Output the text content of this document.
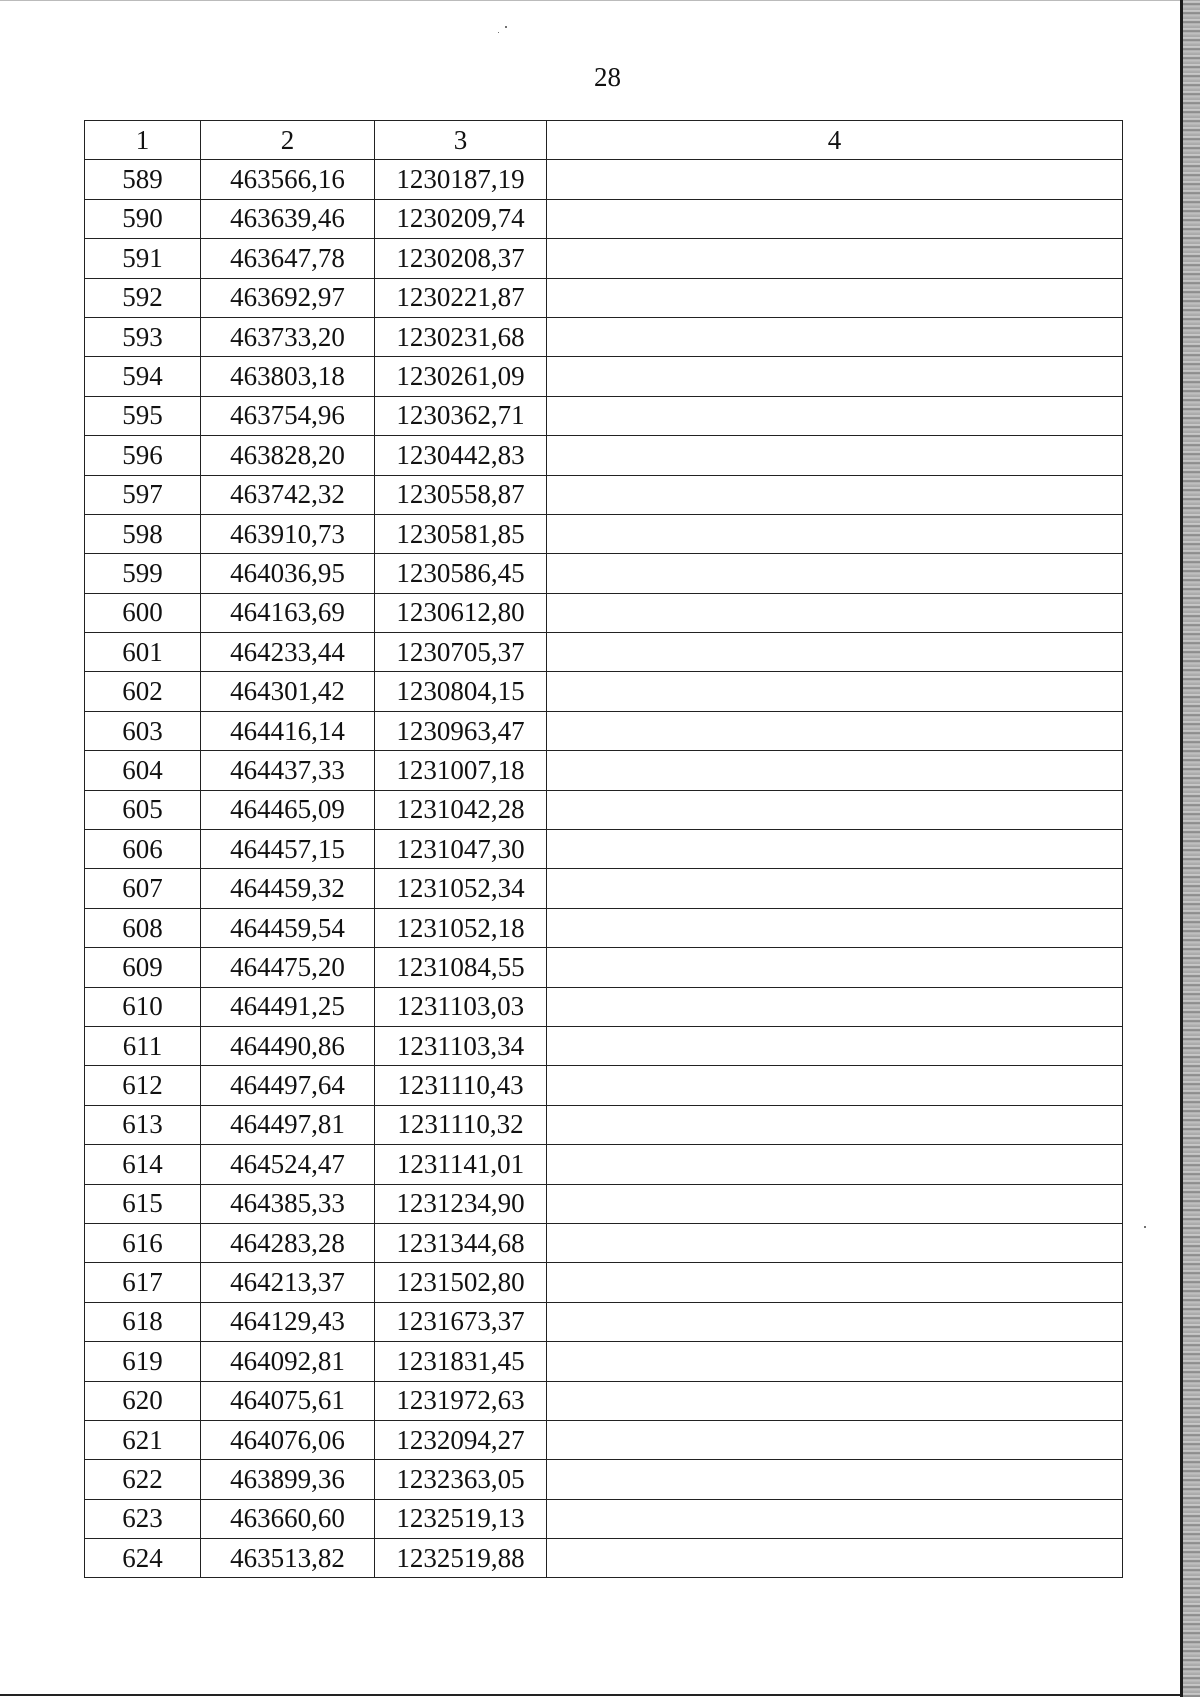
28
1	2	3	4
589	463566,16	1230187,19	
590	463639,46	1230209,74	
591	463647,78	1230208,37	
592	463692,97	1230221,87	
593	463733,20	1230231,68	
594	463803,18	1230261,09	
595	463754,96	1230362,71	
596	463828,20	1230442,83	
597	463742,32	1230558,87	
598	463910,73	1230581,85	
599	464036,95	1230586,45	
600	464163,69	1230612,80	
601	464233,44	1230705,37	
602	464301,42	1230804,15	
603	464416,14	1230963,47	
604	464437,33	1231007,18	
605	464465,09	1231042,28	
606	464457,15	1231047,30	
607	464459,32	1231052,34	
608	464459,54	1231052,18	
609	464475,20	1231084,55	
610	464491,25	1231103,03	
611	464490,86	1231103,34	
612	464497,64	1231110,43	
613	464497,81	1231110,32	
614	464524,47	1231141,01	
615	464385,33	1231234,90	
616	464283,28	1231344,68	
617	464213,37	1231502,80	
618	464129,43	1231673,37	
619	464092,81	1231831,45	
620	464075,61	1231972,63	
621	464076,06	1232094,27	
622	463899,36	1232363,05	
623	463660,60	1232519,13	
624	463513,82	1232519,88	
